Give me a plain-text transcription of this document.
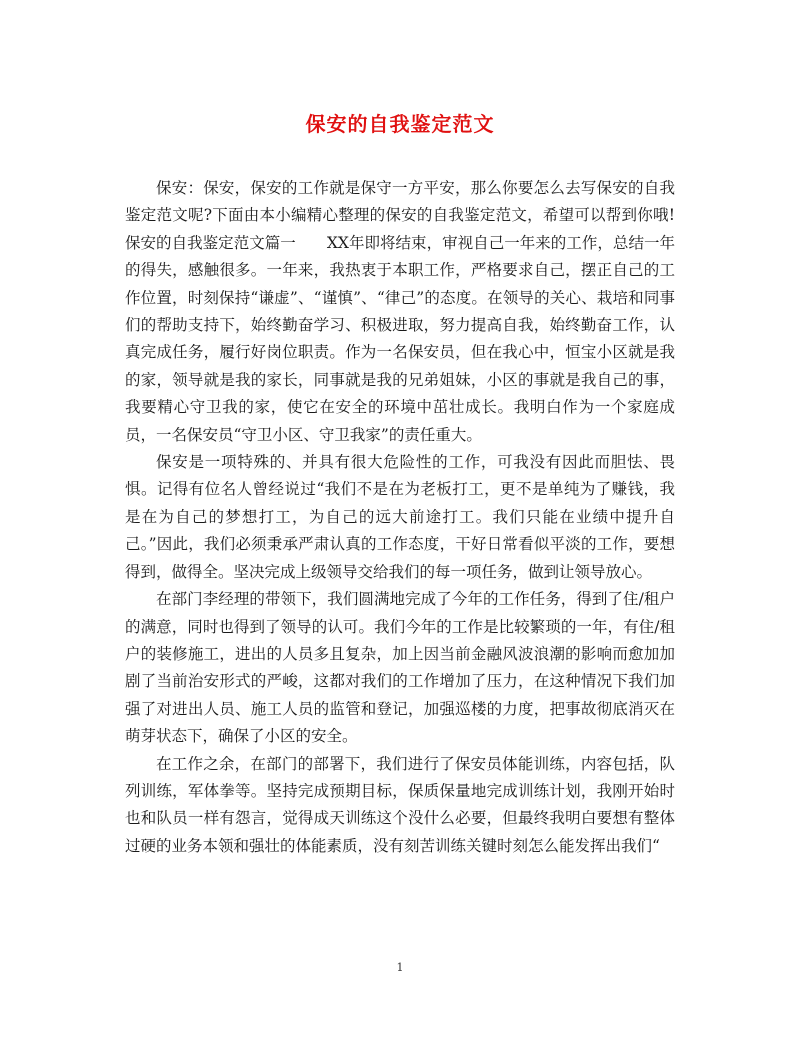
保安的自我鉴定范文

保安：保安，保安的工作就是保守一方平安，那么你要怎么去写保安的自我鉴定范文呢?下面由本小编精心整理的保安的自我鉴定范文，希望可以帮到你哦!保安的自我鉴定范文篇一　　XX年即将结束，审视自己一年来的工作，总结一年的得失，感触很多。一年来，我热衷于本职工作，严格要求自己，摆正自己的工作位置，时刻保持“谦虚”、“谨慎”、“律己”的态度。在领导的关心、栽培和同事们的帮助支持下，始终勤奋学习、积极进取，努力提高自我，始终勤奋工作，认真完成任务，履行好岗位职责。作为一名保安员，但在我心中，恒宝小区就是我的家，领导就是我的家长，同事就是我的兄弟姐妹，小区的事就是我自己的事，我要精心守卫我的家，使它在安全的环境中茁壮成长。我明白作为一个家庭成员，一名保安员“守卫小区、守卫我家”的责任重大。

保安是一项特殊的、并具有很大危险性的工作，可我没有因此而胆怯、畏惧。记得有位名人曾经说过“我们不是在为老板打工，更不是单纯为了赚钱，我是在为自己的梦想打工，为自己的远大前途打工。我们只能在业绩中提升自己。”因此，我们必须秉承严肃认真的工作态度，干好日常看似平淡的工作，要想得到，做得全。坚决完成上级领导交给我们的每一项任务，做到让领导放心。

在部门李经理的带领下，我们圆满地完成了今年的工作任务，得到了住/租户的满意，同时也得到了领导的认可。我们今年的工作是比较繁琐的一年，有住/租户的装修施工，进出的人员多且复杂，加上因当前金融风波浪潮的影响而愈加加剧了当前治安形式的严峻，这都对我们的工作增加了压力，在这种情况下我们加强了对进出人员、施工人员的监管和登记，加强巡楼的力度，把事故彻底消灭在萌芽状态下，确保了小区的安全。

在工作之余，在部门的部署下，我们进行了保安员体能训练，内容包括，队列训练，军体拳等。坚持完成预期目标，保质保量地完成训练计划，我刚开始时也和队员一样有怨言，觉得成天训练这个没什么必要，但最终我明白要想有整体过硬的业务本领和强壮的体能素质，没有刻苦训练关键时刻怎么能发挥出我们“

1
